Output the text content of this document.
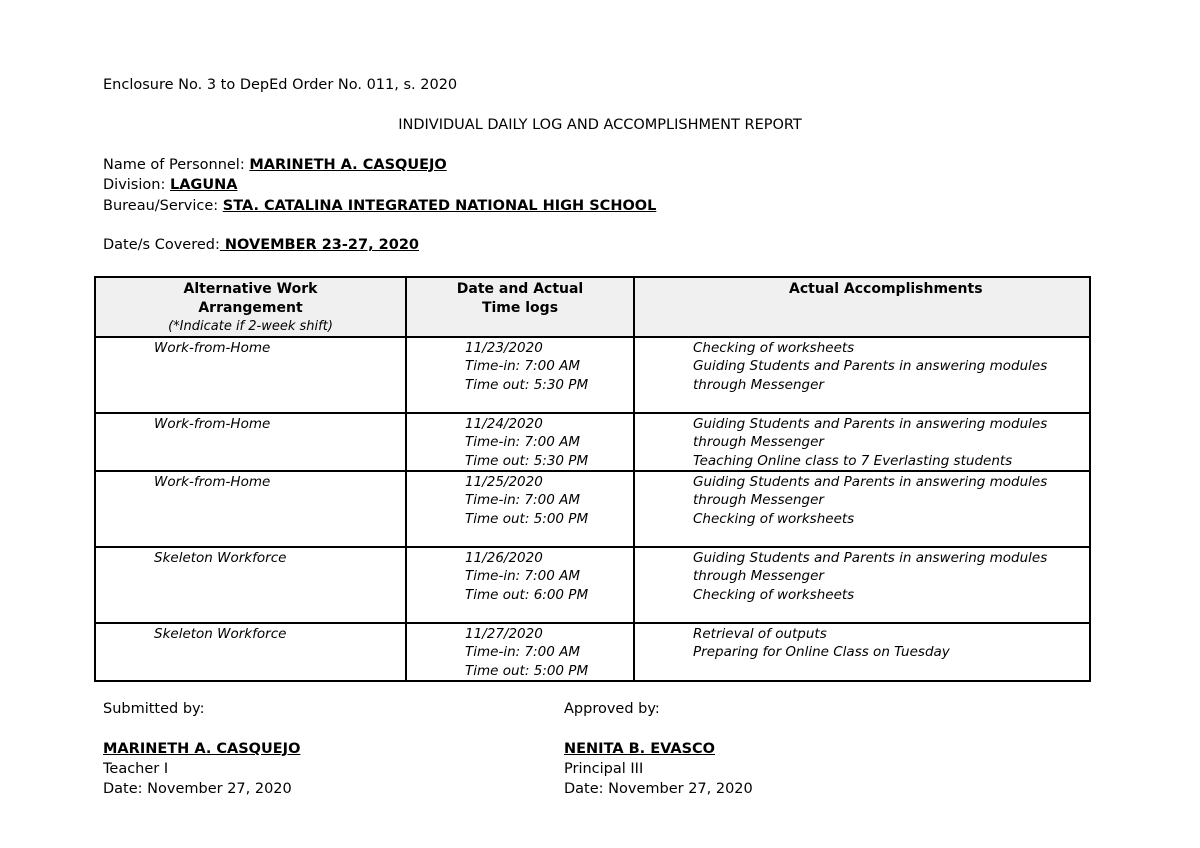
Enclosure No. 3 to DepEd Order No. 011, s. 2020
INDIVIDUAL DAILY LOG AND ACCOMPLISHMENT REPORT
Name of Personnel: MARINETH A. CASQUEJO
Division: LAGUNA
Bureau/Service: STA. CATALINA INTEGRATED NATIONAL HIGH SCHOOL
Date/s Covered: NOVEMBER 23-27, 2020
Alternative Work
Arrangement
(*Indicate if 2-week shift)	Date and Actual
Time logs	Actual Accomplishments

Work-from-Home	11/23/2020
Time-in: 7:00 AM
Time out: 5:30 PM	Checking of worksheets
Guiding Students and Parents in answering modules
through Messenger

Work-from-Home	11/24/2020
Time-in: 7:00 AM
Time out: 5:30 PM	Guiding Students and Parents in answering modules
through Messenger
Teaching Online class to 7 Everlasting students

Work-from-Home	11/25/2020
Time-in: 7:00 AM
Time out: 5:00 PM	Guiding Students and Parents in answering modules
through Messenger
Checking of worksheets

Skeleton Workforce	11/26/2020
Time-in: 7:00 AM
Time out: 6:00 PM	Guiding Students and Parents in answering modules
through Messenger
Checking of worksheets

Skeleton Workforce	11/27/2020
Time-in: 7:00 AM
Time out: 5:00 PM	Retrieval of outputs
Preparing for Online Class on Tuesday
Submitted by:
MARINETH A. CASQUEJO
Teacher I
Date: November 27, 2020
Approved by:
NENITA B. EVASCO
Principal III
Date: November 27, 2020
